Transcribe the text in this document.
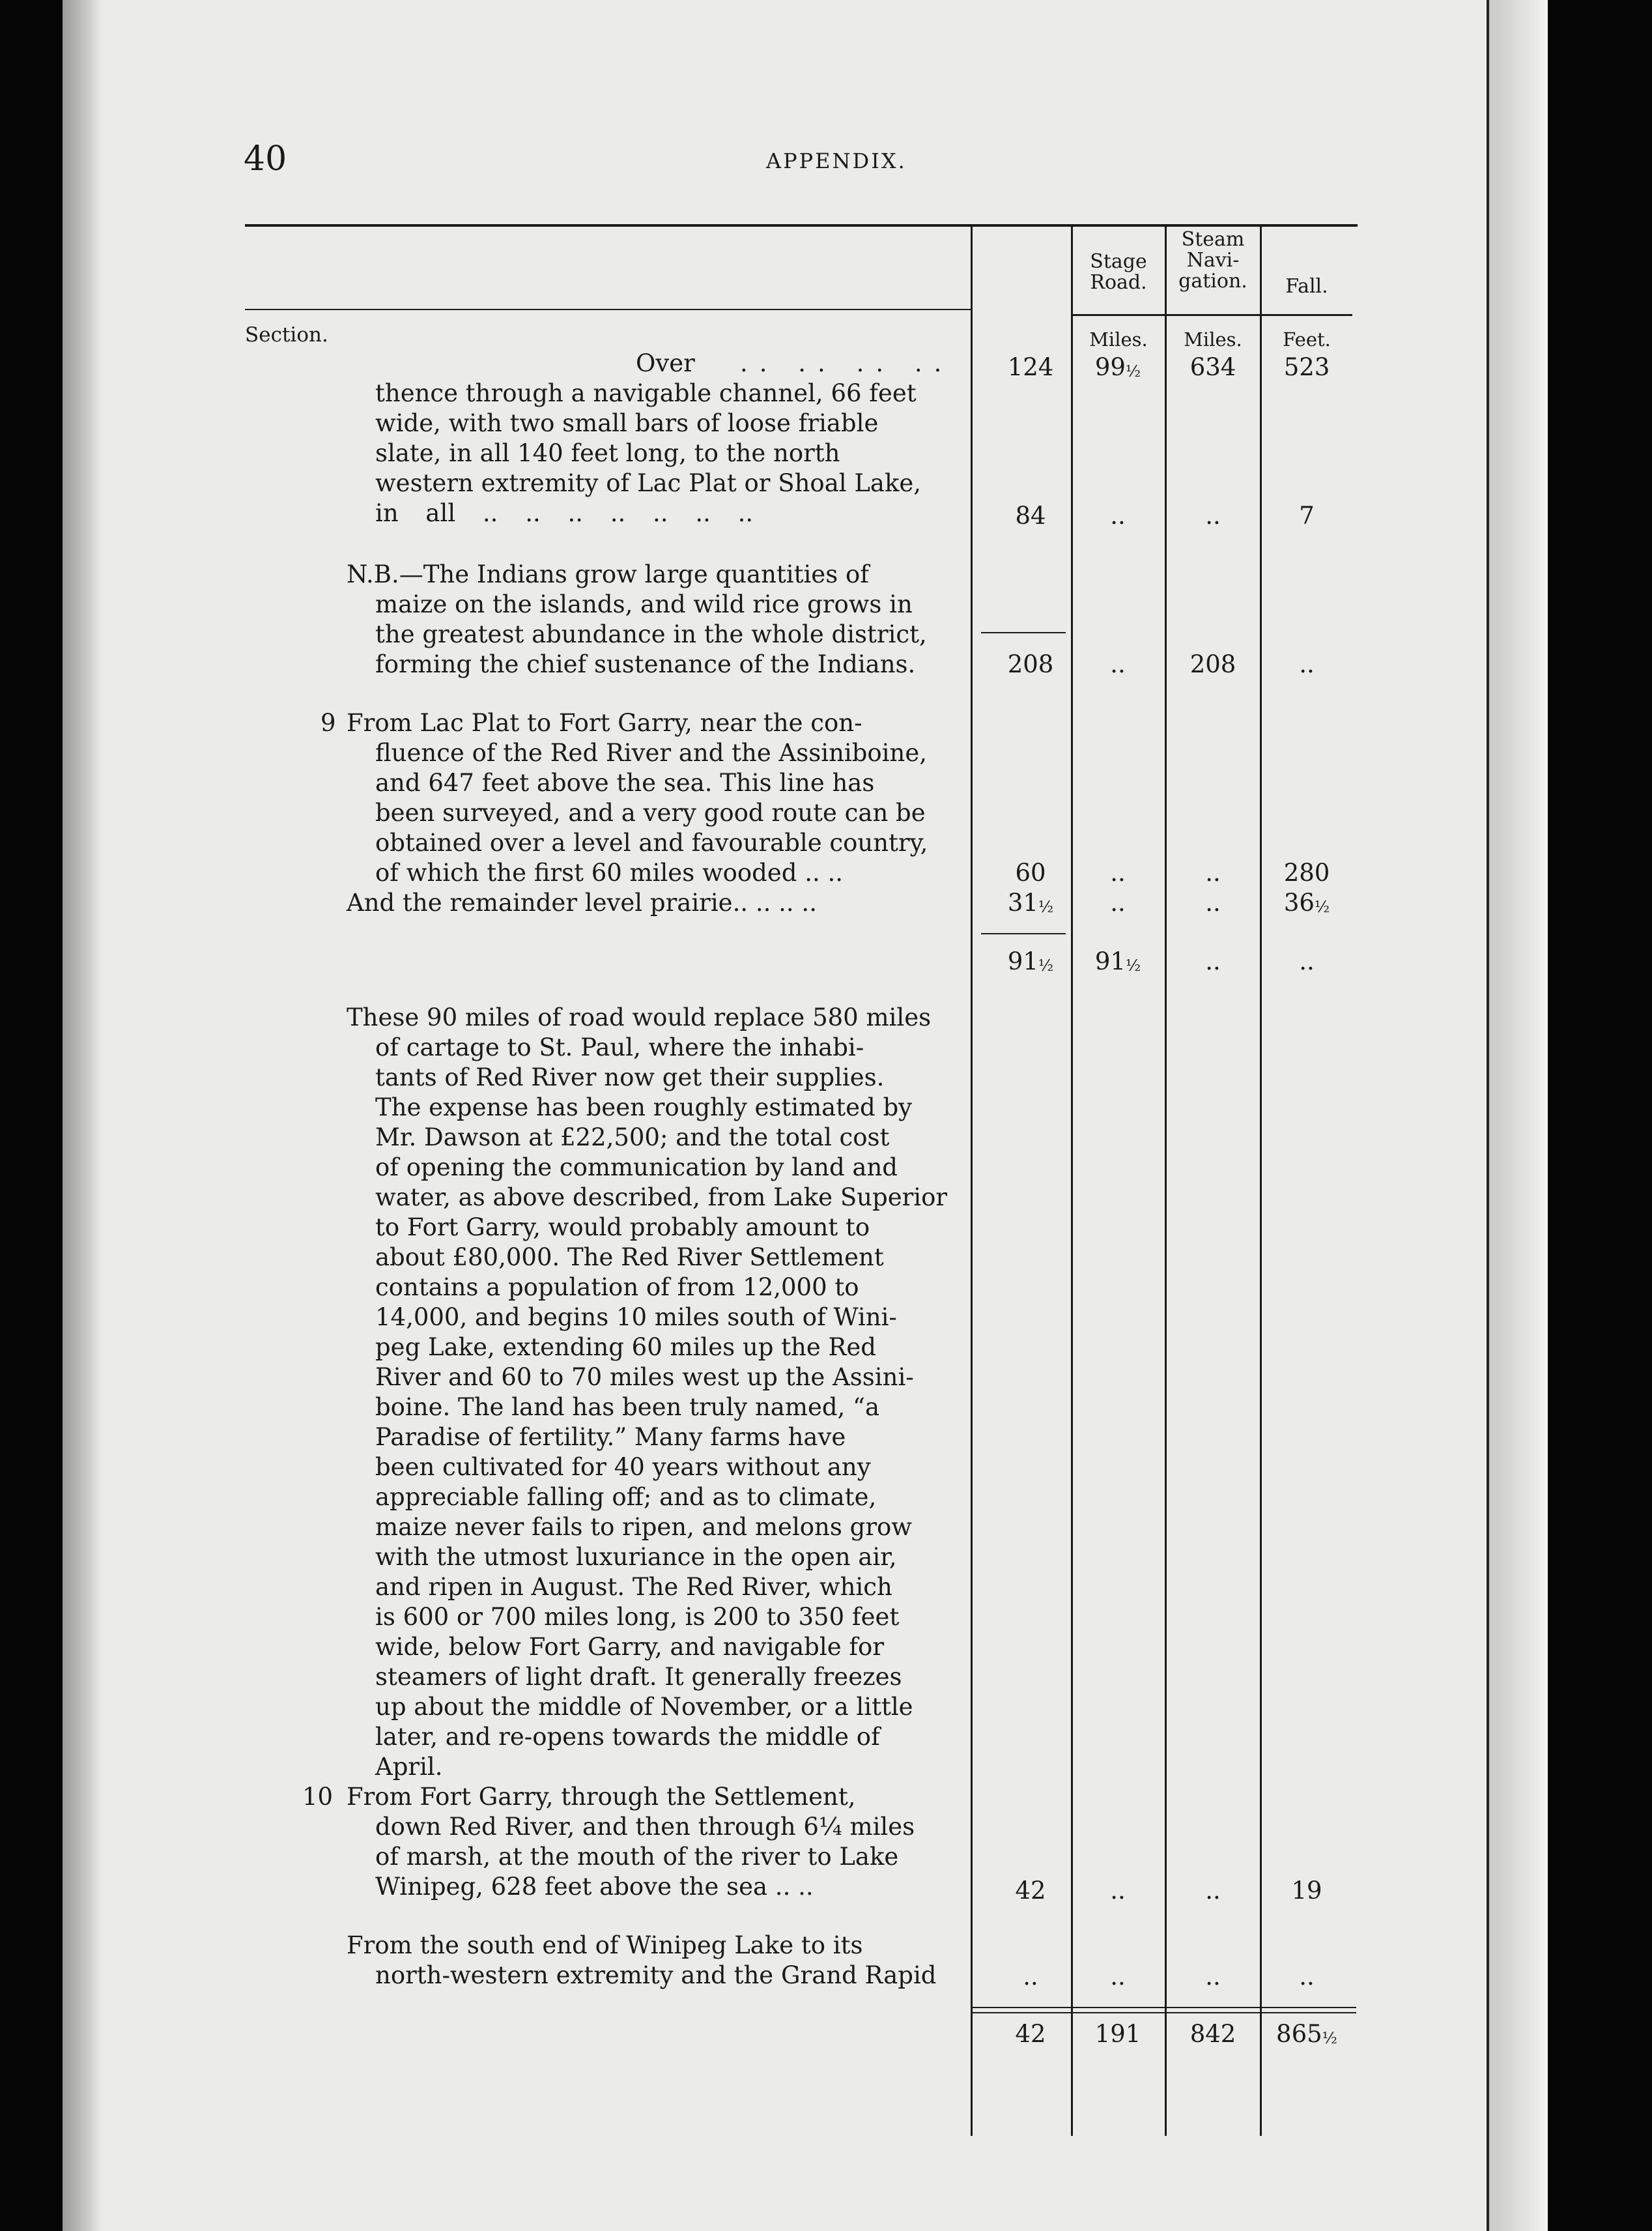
40	APPENDIX.
Stage Road.
Steam Navi-gation.	Fall.
Section.	Miles.	Miles.	Feet.
Over .. .. .. ..	124	99½	634	523
thence through a navigable channel, 66 feet
wide, with two small bars of loose friable
slate, in all 140 feet long, to the north
western extremity of Lac Plat or Shoal Lake,
in all .. .. .. .. .. .. ..	84	..	..	7
N.B.—The Indians grow large quantities of
maize on the islands, and wild rice grows in
the greatest abundance in the whole district,
forming the chief sustenance of the Indians.	208	..	208	..
9 From Lac Plat to Fort Garry, near the con-
fluence of the Red River and the Assiniboine,
and 647 feet above the sea. This line has
been surveyed, and a very good route can be
obtained over a level and favourable country,
of which the first 60 miles wooded .. ..	60	..	..	280
And the remainder level prairie.. .. .. ..	31½	..	..	36½
91½	91½	..	..
These 90 miles of road would replace 580 miles
of cartage to St. Paul, where the inhabi-
tants of Red River now get their supplies.
The expense has been roughly estimated by
Mr. Dawson at £22,500; and the total cost
of opening the communication by land and
water, as above described, from Lake Superior
to Fort Garry, would probably amount to
about £80,000. The Red River Settlement
contains a population of from 12,000 to
14,000, and begins 10 miles south of Wini-
peg Lake, extending 60 miles up the Red
River and 60 to 70 miles west up the Assini-
boine. The land has been truly named, “a
Paradise of fertility.” Many farms have
been cultivated for 40 years without any
appreciable falling off; and as to climate,
maize never fails to ripen, and melons grow
with the utmost luxuriance in the open air,
and ripen in August. The Red River, which
is 600 or 700 miles long, is 200 to 350 feet
wide, below Fort Garry, and navigable for
steamers of light draft. It generally freezes
up about the middle of November, or a little
later, and re-opens towards the middle of
April.
10 From Fort Garry, through the Settlement,
down Red River, and then through 6¼ miles
of marsh, at the mouth of the river to Lake
Winipeg, 628 feet above the sea .. ..	42	..	..	19
From the south end of Winipeg Lake to its
north-western extremity and the Grand Rapid	..	..	..	..
42	191	842	865½
